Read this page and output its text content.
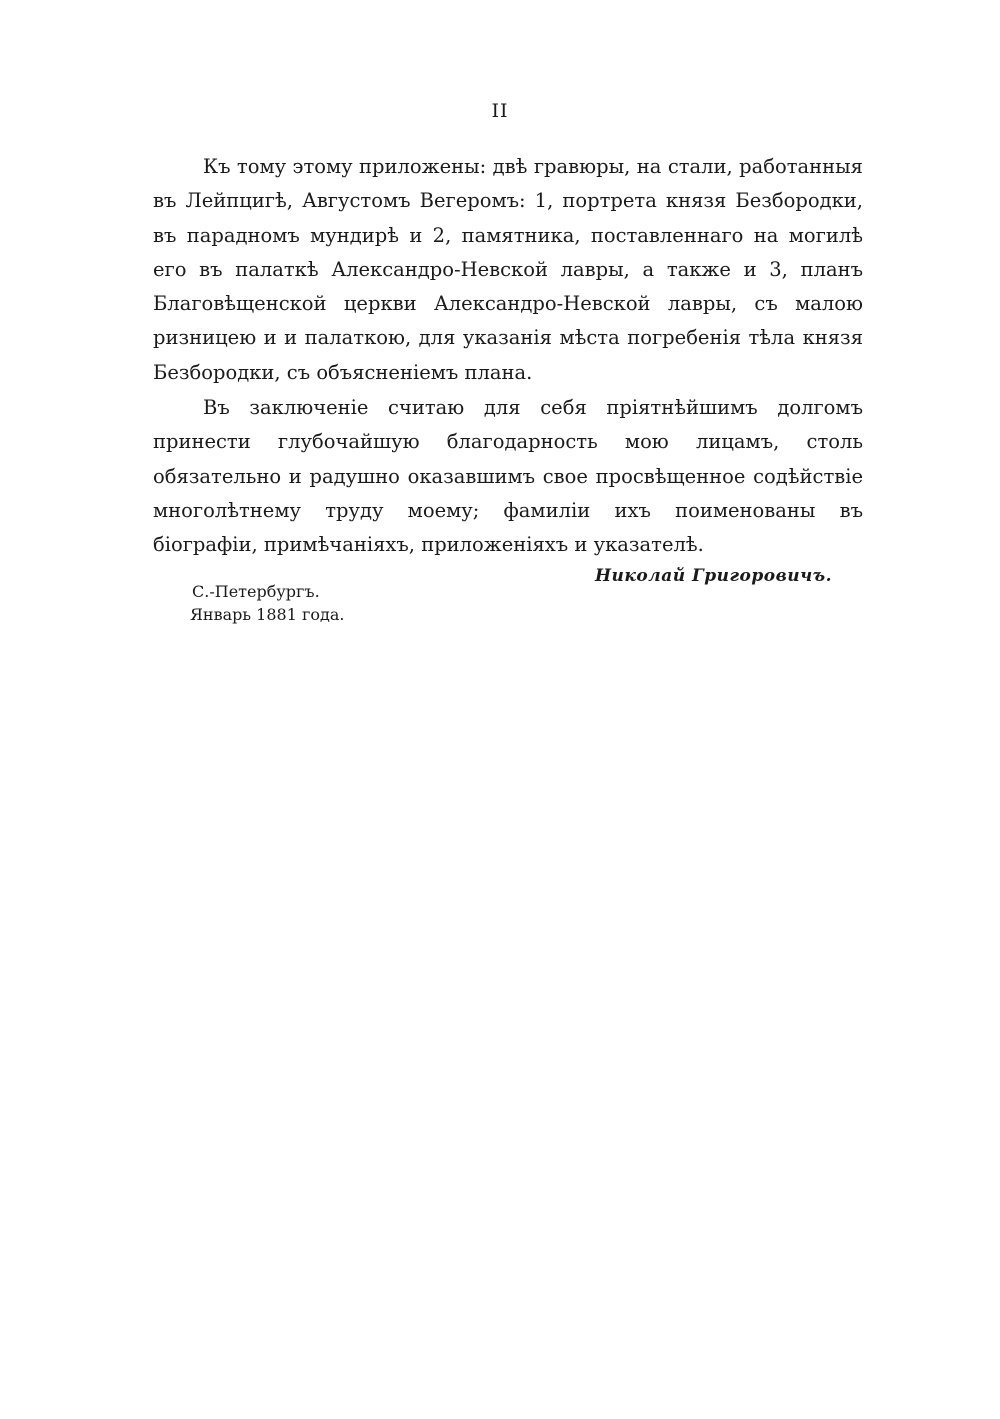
II

Къ тому этому приложены: двѣ гравюры, на стали, работанныя въ Лейпцигѣ, Августомъ Вегеромъ: 1, портрета князя Безбородки, въ парадномъ мундирѣ и 2, памятника, поставленнаго на могилѣ его въ палаткѣ Александро-Невской лавры, а также и 3, планъ Благовѣщенской церкви Александро-Невской лавры, съ малою ризницею и и палаткою, для указанія мѣста погребенія тѣла князя Безбородки, съ объясненіемъ плана.

Въ заключеніе считаю для себя пріятнѣйшимъ долгомъ принести глубочайшую благодарность мою лицамъ, столь обязательно и радушно оказавшимъ свое просвѣщенное содѣйствіе многолѣтнему труду моему; фамиліи ихъ поименованы въ біографіи, примѣчаніяхъ, приложеніяхъ и указателѣ.

С.-Петербургъ.
Январь 1881 года.
Николай Григоровичъ.
